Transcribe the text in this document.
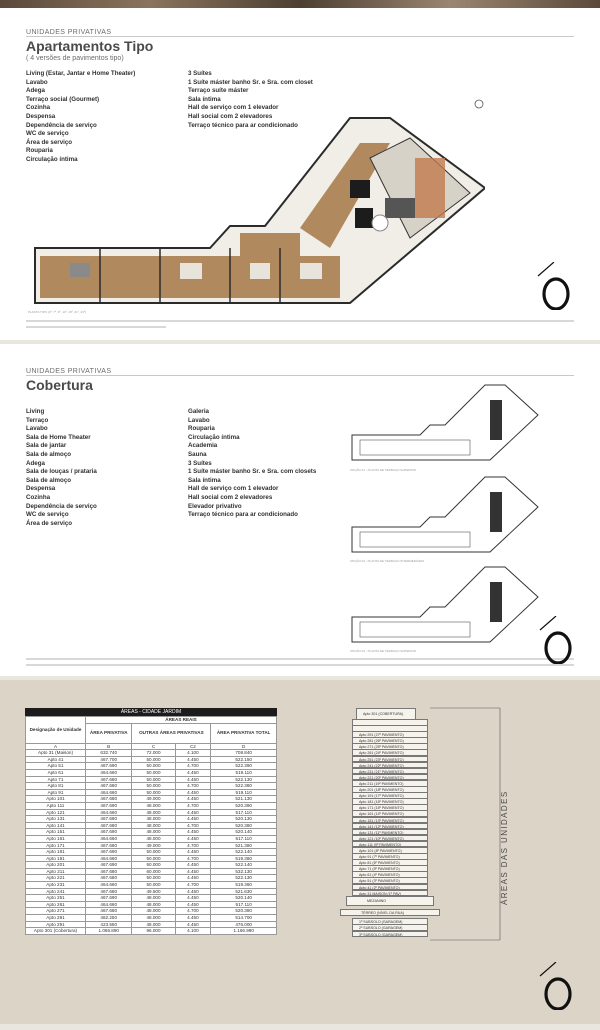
UNIDADES PRIVATIVAS
Apartamentos Tipo
( 4 versões de pavimentos tipo)
Living (Estar, Jantar e Home Theater)
Lavabo
Adega
Terraço social (Gourmet)
Cozinha
Despensa
Dependência de serviço
WC de serviço
Área de serviço
Rouparia
Circulação íntima
3 Suítes
1 Suíte máster banho Sr. e Sra. com closet
Terraço suíte máster
Sala íntima
Hall de serviço com 1 elevador
Hall social com 2 elevadores
Terraço técnico para ar condicionado
PLANTA TIPO (3º, 7º, 9º, 14º, 16º, 21º, 24º)
UNIDADES PRIVATIVAS
Cobertura
Living
Terraço
Lavabo
Sala de Home Theater
Sala de jantar
Sala de almoço
Adega
Sala de louças / prataria
Sala de almoço
Despensa
Cozinha
Dependência de serviço
WC de serviço
Área de serviço
Galeria
Lavabo
Rouparia
Circulação íntima
Academia
Sauna
3 Suítes
1 Suíte máster banho Sr. e Sra. com closets
Sala íntima
Hall de serviço com 1 elevador
Hall social com 2 elevadores
Elevador privativo
Terraço técnico para ar condicionado
OPÇÃO 01 - PLANTA DE TERRAÇO SUPERIOR
OPÇÃO 02 - PLANTA DE TERRAÇO INTERMEDIÁRIO
OPÇÃO 03 - PLANTA DE TERRAÇO SUPERIOR
ÁREAS - CIDADE JARDIM
Designação de Unidade	ÁREAS REAIS			
	ÁREA PRIVATIVA	OUTRAS ÁREAS PRIVATIVAS		ÁREA PRIVATIVA TOTAL
A	B	C	C2	D
Apto 31 (Maison)	632.740	72.000	4.100	708.840
Apto 41	467.700	50.000	4.450	522.150
Apto 51	467.690	50.000	4.700	522.390
Apto 61	464.660	50.000	4.450	519.110
Apto 71	467.680	50.000	4.450	522.130
Apto 81	467.680	50.000	4.700	522.380
Apto 91	464.660	50.000	4.450	519.110
Apto 101	467.680	49.000	4.450	521.130
Apto 111	467.690	48.000	4.700	520.390
Apto 121	464.660	48.000	4.450	517.110
Apto 131	467.680	48.000	4.450	520.130
Apto 141	467.680	48.000	4.700	520.380
Apto 151	467.690	48.000	4.450	520.140
Apto 161	464.660	48.000	4.450	517.110
Apto 171	467.680	49.000	4.700	521.380
Apto 181	467.690	50.000	4.450	522.140
Apto 191	464.660	50.000	4.700	519.360
Apto 201	467.690	50.000	4.450	522.140
Apto 211	467.680	60.000	4.450	532.130
Apto 221	467.680	50.000	4.450	522.130
Apto 231	464.660	50.000	4.700	519.360
Apto 241	467.680	49.500	4.450	521.630
Apto 251	467.690	48.000	4.450	520.140
Apto 261	464.660	48.000	4.450	517.110
Apto 271	467.680	48.000	4.700	520.380
Apto 281	462.250	48.000	4.450	514.700
Apto 291	423.550	48.000	4.450	476.000
Apto 301 (Cobertura)	1.066.890	96.000	4.100	1.166.990
Apto 301 (COBERTURA)
Apto 291 (27º PAVIMENTO)
Apto 281 (26º PAVIMENTO)
Apto 271 (25º PAVIMENTO)
Apto 261 (24º PAVIMENTO)
Apto 251 (23º PAVIMENTO)
Apto 241 (22º PAVIMENTO)
Apto 231 (21º PAVIMENTO)
Apto 221 (20º PAVIMENTO)
Apto 211 (19º PAVIMENTO)
Apto 201 (18º PAVIMENTO)
Apto 191 (17º PAVIMENTO)
Apto 181 (16º PAVIMENTO)
Apto 171 (15º PAVIMENTO)
Apto 161 (14º PAVIMENTO)
Apto 151 (13º PAVIMENTO)
Apto 141 (12º PAVIMENTO)
Apto 131 (11º PAVIMENTO)
Apto 121 (10º PAVIMENTO)
Apto 111 (9º PAVIMENTO)
Apto 101 (8º PAVIMENTO)
Apto 91 (7º PAVIMENTO)
Apto 81 (6º PAVIMENTO)
Apto 71 (5º PAVIMENTO)
Apto 61 (4º PAVIMENTO)
Apto 51 (3º PAVIMENTO)
Apto 41 (2º PAVIMENTO)
Apto 31 MAISON (1º PAV)
MEZANINO
TÉRREO (NÍVEL DA RUA)
1º SUBSOLO (GARAGEM)
2º SUBSOLO (GARAGEM)
3º SUBSOLO (GARAGEM)
ÁREAS DAS UNIDADES
